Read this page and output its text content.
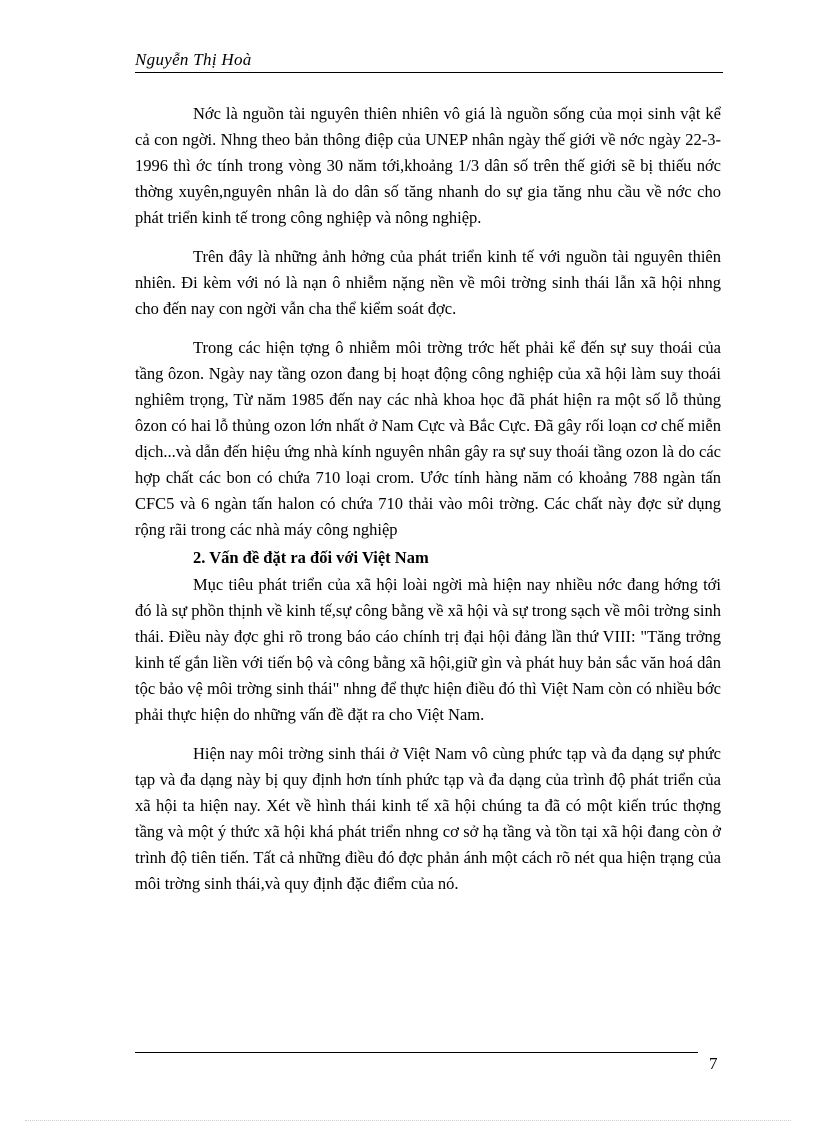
Nguyễn Thị Hoà

Nớc là nguồn tài nguyên thiên nhiên vô giá là nguồn sống của mọi sinh vật kể cả con ngời. Nhng theo bản thông điệp của UNEP nhân ngày thế giới về nớc ngày 22-3-1996 thì ớc tính trong vòng 30 năm tới,khoảng 1/3 dân số trên thế giới sẽ bị thiếu nớc thờng xuyên,nguyên nhân là do dân số tăng nhanh do sự gia tăng nhu cầu về nớc cho phát triển kinh tế trong công nghiệp và nông nghiệp.

Trên đây là những ảnh hởng của phát triển kinh tế với nguồn tài nguyên thiên nhiên. Đi kèm với nó là nạn ô nhiễm nặng nền về môi trờng sinh thái lẫn xã hội nhng cho đến nay con ngời vẫn cha thể kiểm soát đợc.

Trong các hiện tợng ô nhiễm môi trờng trớc hết phải kể đến sự suy thoái của tầng ôzon. Ngày nay tầng ozon đang bị hoạt động công nghiệp của xã hội làm suy thoái nghiêm trọng, Từ năm 1985 đến nay các nhà khoa học đã phát hiện ra một số lỗ thủng ôzon có hai lỗ thủng ozon lớn nhất ở Nam Cực và Bắc Cực. Đã gây rối loạn cơ chế miễn dịch...và dẫn đến hiệu ứng nhà kính nguyên nhân gây ra sự suy thoái tầng ozon là do các hợp chất các bon có chứa 710 loại crom. Ước tính hàng năm có khoảng 788 ngàn tấn CFC5 và 6 ngàn tấn halon có chứa 710 thải vào môi trờng. Các chất này đợc sử dụng rộng rãi trong các nhà máy công nghiệp

2. Vấn đề đặt ra đối với Việt Nam

Mục tiêu phát triển của xã hội loài ngời mà hiện nay nhiều nớc đang hớng tới đó là sự phồn thịnh về kinh tế,sự công bằng về xã hội và sự trong sạch về môi trờng sinh thái. Điều này đợc ghi rõ trong báo cáo chính trị đại hội đảng lần thứ VIII: "Tăng trởng kinh tế gắn liền với tiến bộ và công bằng xã hội,giữ gìn và phát huy bản sắc văn hoá dân tộc bảo vệ môi trờng sinh thái" nhng để thực hiện điều đó thì Việt Nam còn có nhiều bớc phải thực hiện do những vấn đề đặt ra cho Việt Nam.

Hiện nay môi trờng sinh thái ở Việt Nam vô cùng phức tạp và đa dạng sự phức tạp và đa dạng này bị quy định hơn tính phức tạp và đa dạng của trình độ phát triển của xã hội ta hiện nay. Xét về hình thái kinh tế xã hội chúng ta đã có một kiến trúc thợng tầng và một ý thức xã hội khá phát triển nhng cơ sở hạ tầng và tồn tại xã hội đang còn ở trình độ tiên tiến. Tất cả những điều đó đợc phản ánh một cách rõ nét qua hiện trạng của môi trờng sinh thái,và quy định đặc điểm của nó.

7
